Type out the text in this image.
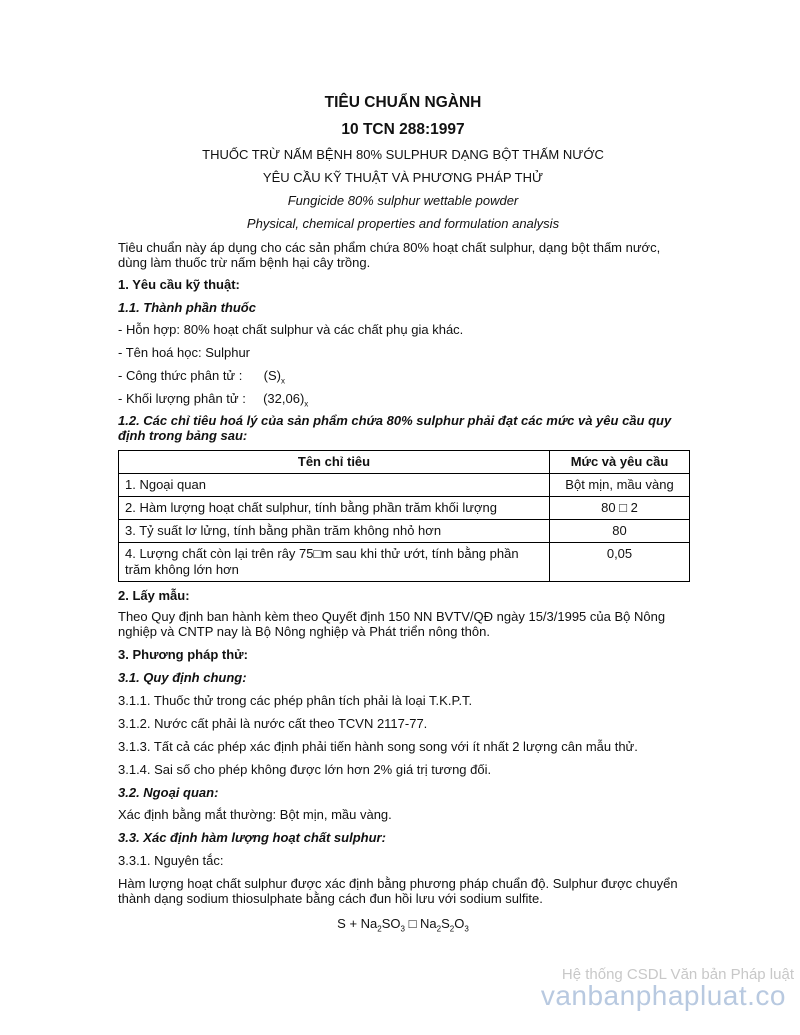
TIÊU CHUẨN NGÀNH
10 TCN 288:1997
THUỐC TRỪ NẤM BỆNH 80% SULPHUR DẠNG BỘT THẤM NƯỚC
YÊU CẦU KỸ THUẬT VÀ PHƯƠNG PHÁP THỬ
Fungicide 80% sulphur wettable powder
Physical, chemical properties and formulation analysis
Tiêu chuẩn này áp dụng cho các sản phẩm chứa 80% hoạt chất sulphur, dạng bột thấm nước,
dùng làm thuốc trừ nấm bệnh hại cây trồng.
1. Yêu cầu kỹ thuật:
1.1. Thành phần thuốc
- Hỗn hợp: 80% hoạt chất sulphur và các chất phụ gia khác.
- Tên hoá học: Sulphur
- Công thức phân tử : $(S)_x$
- Khối lượng phân tử : $(32,06)_x$
1.2. Các chỉ tiêu hoá lý của sản phẩm chứa 80% sulphur phải đạt các mức và yêu cầu quy
định trong bảng sau:
Tên chỉ tiêu	Mức và yêu cầu
1. Ngoại quan	Bột mịn, mầu vàng
2. Hàm lượng hoạt chất sulphur, tính bằng phần trăm khối lượng	80 □ 2
3. Tỷ suất lơ lửng, tính bằng phần trăm không nhỏ hơn	80
4. Lượng chất còn lại trên rây 75□m sau khi thử ướt, tính bằng phần trăm không lớn hơn	0,05
2. Lấy mẫu:
Theo Quy định ban hành kèm theo Quyết định 150 NN BVTV/QĐ ngày 15/3/1995 của Bộ Nông
nghiệp và CNTP nay là Bộ Nông nghiệp và Phát triển nông thôn.
3. Phương pháp thử:
3.1. Quy định chung:
3.1.1. Thuốc thử trong các phép phân tích phải là loại T.K.P.T.
3.1.2. Nước cất phải là nước cất theo TCVN 2117-77.
3.1.3. Tất cả các phép xác định phải tiến hành song song với ít nhất 2 lượng cân mẫu thử.
3.1.4. Sai số cho phép không được lớn hơn 2% giá trị tương đối.
3.2. Ngoại quan:
Xác định bằng mắt thường: Bột mịn, mầu vàng.
3.3. Xác định hàm lượng hoạt chất sulphur:
3.3.1. Nguyên tắc:
Hàm lượng hoạt chất sulphur được xác định bằng phương pháp chuẩn độ. Sulphur được chuyển
thành dạng sodium thiosulphate bằng cách đun hồi lưu với sodium sulfite.
$S + Na_2SO_3$ □ $Na_2S_2O_3$
Hệ thống CSDL Văn bản Pháp luật
vanbanphapluat.co
